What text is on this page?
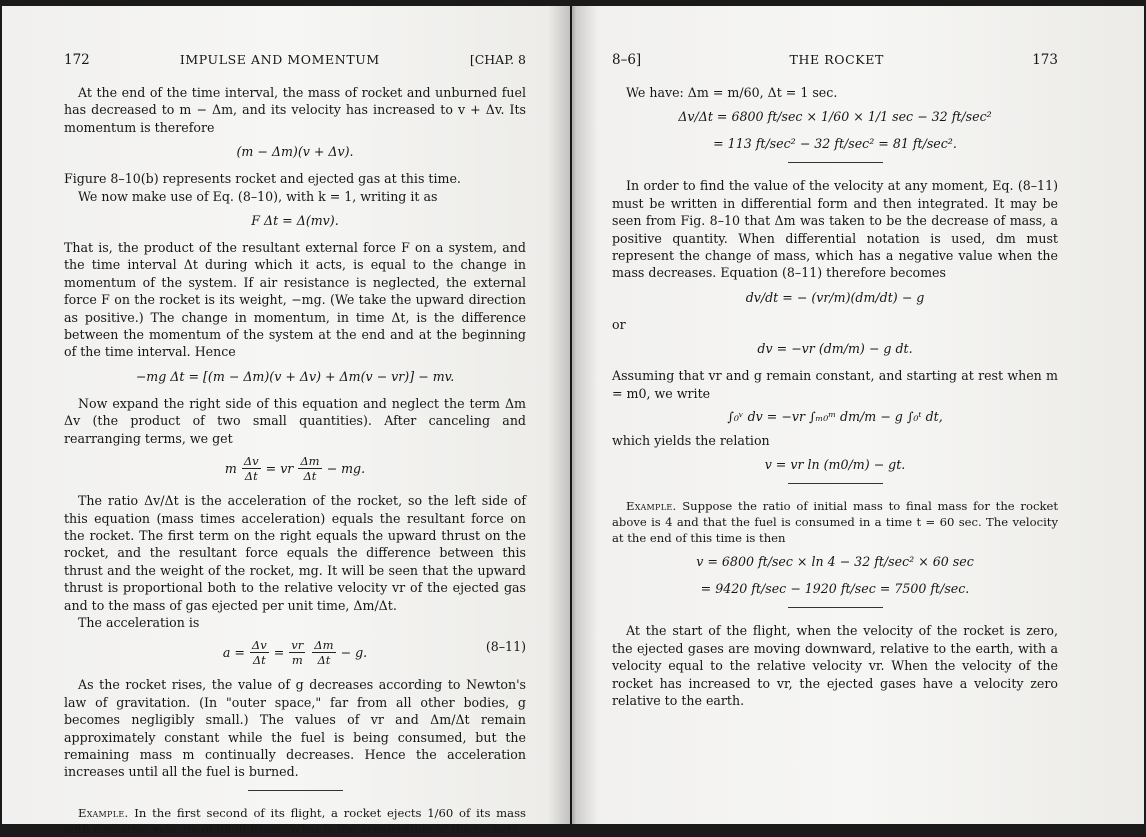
172	IMPULSE AND MOMENTUM	[CHAP. 8

At the end of the time interval, the mass of rocket and unburned fuel has decreased to m − Δm, and its velocity has increased to v + Δv. Its momentum is therefore

(m − Δm)(v + Δv).

Figure 8–10(b) represents rocket and ejected gas at this time.

We now make use of Eq. (8–10), with k = 1, writing it as

F Δt = Δ(mv).

That is, the product of the resultant external force F on a system, and the time interval Δt during which it acts, is equal to the change in momentum of the system. If air resistance is neglected, the external force F on the rocket is its weight, −mg. (We take the upward direction as positive.) The change in momentum, in time Δt, is the difference between the momentum of the system at the end and at the beginning of the time interval. Hence

−mg Δt = [(m − Δm)(v + Δv) + Δm(v − vr)] − mv.

Now expand the right side of this equation and neglect the term Δm Δv (the product of two small quantities). After canceling and rearranging terms, we get

m $\frac{\Delta v}{\Delta t}$ = vr $\frac{\Delta m}{\Delta t}$ − mg.

The ratio Δv/Δt is the acceleration of the rocket, so the left side of this equation (mass times acceleration) equals the resultant force on the rocket. The first term on the right equals the upward thrust on the rocket, and the resultant force equals the difference between this thrust and the weight of the rocket, mg. It will be seen that the upward thrust is proportional both to the relative velocity vr of the ejected gas and to the mass of gas ejected per unit time, Δm/Δt.

The acceleration is

$a = \frac{\Delta v}{\Delta t} = \frac{vr}{m} \frac{\Delta m}{\Delta t} - g$.	(8–11)

As the rocket rises, the value of g decreases according to Newton's law of gravitation. (In "outer space," far from all other bodies, g becomes negligibly small.) The values of vr and Δm/Δt remain approximately constant while the fuel is being consumed, but the remaining mass m continually decreases. Hence the acceleration increases until all the fuel is burned.

Example. In the first second of its flight, a rocket ejects 1/60 of its mass with a relative velocity of 6800 ft/sec. What is the acceleration of the rocket?

8–6]	THE ROCKET	173

We have: Δm = m/60, Δt = 1 sec.

Δv/Δt = 6800 ft/sec × 1/60 × 1/1 sec − 32 ft/sec²
= 113 ft/sec² − 32 ft/sec² = 81 ft/sec².

In order to find the value of the velocity at any moment, Eq. (8–11) must be written in differential form and then integrated. It may be seen from Fig. 8–10 that Δm was taken to be the decrease of mass, a positive quantity. When differential notation is used, dm must represent the change of mass, which has a negative value when the mass decreases. Equation (8–11) therefore becomes

dv/dt = − (vr/m)(dm/dt) − g

or

dv = −vr (dm/m) − g dt.

Assuming that vr and g remain constant, and starting at rest when m = m0, we write

∫₀ᵛ dv = −vr ∫ₘ₀ᵐ dm/m − g ∫₀ᵗ dt,

which yields the relation

v = vr ln (m0/m) − gt.

Example. Suppose the ratio of initial mass to final mass for the rocket above is 4 and that the fuel is consumed in a time t = 60 sec. The velocity at the end of this time is then

v = 6800 ft/sec × ln 4 − 32 ft/sec² × 60 sec
= 9420 ft/sec − 1920 ft/sec = 7500 ft/sec.

At the start of the flight, when the velocity of the rocket is zero, the ejected gases are moving downward, relative to the earth, with a velocity equal to the relative velocity vr. When the velocity of the rocket has increased to vr, the ejected gases have a velocity zero relative to the earth.
